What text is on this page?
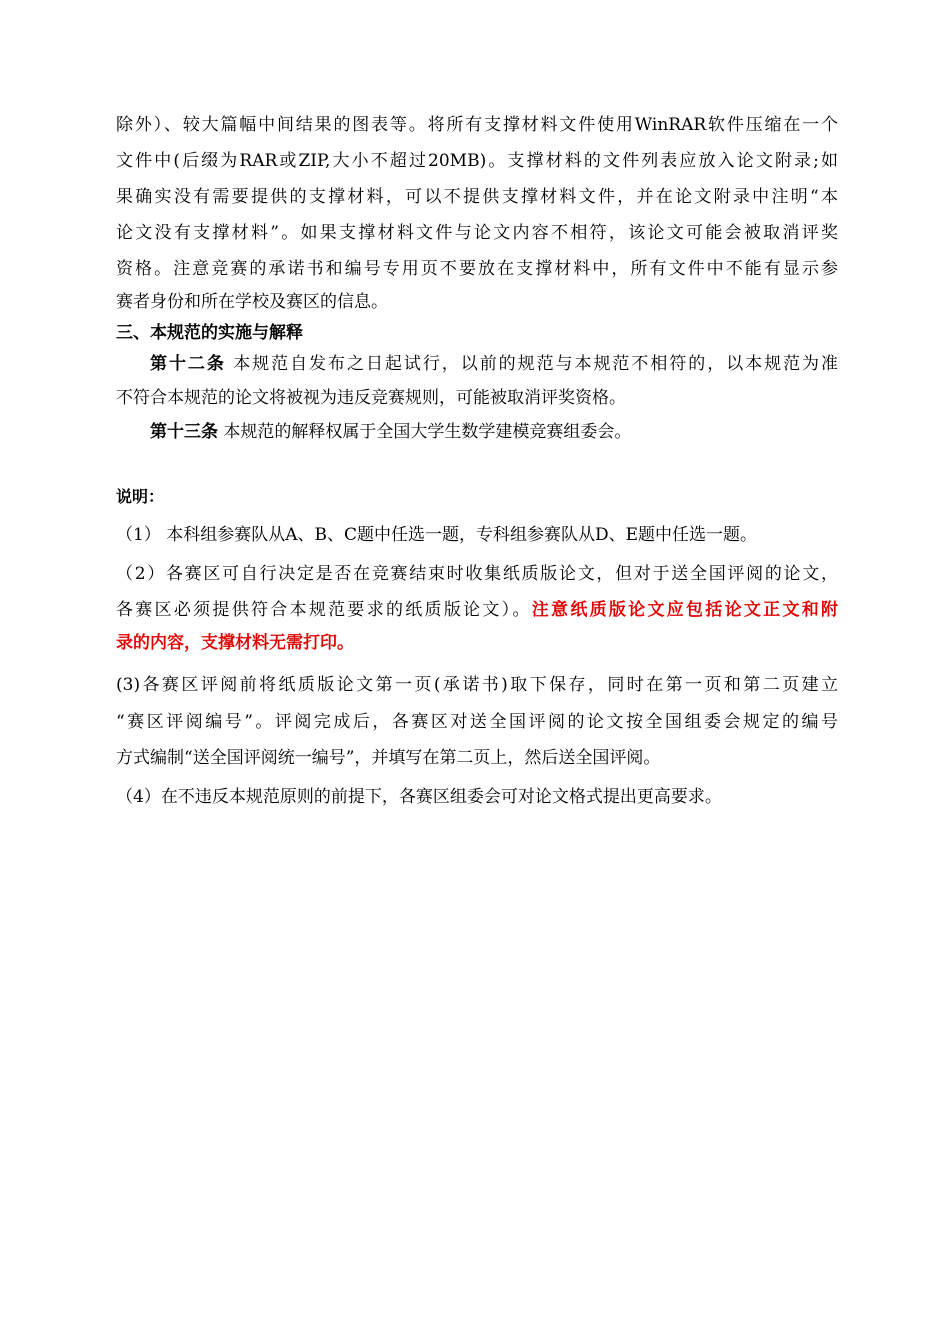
除外）、较大篇幅中间结果的图表等。将所有支撑材料文件使用WinRAR软件压缩在一个
文件中(后缀为RAR或ZIP,大小不超过20MB)。支撑材料的文件列表应放入论文附录;如
果确实没有需要提供的支撑材料，可以不提供支撑材料文件，并在论文附录中注明“本
论文没有支撑材料”。如果支撑材料文件与论文内容不相符，该论文可能会被取消评奖
资格。注意竞赛的承诺书和编号专用页不要放在支撑材料中，所有文件中不能有显示参
赛者身份和所在学校及赛区的信息。
三、本规范的实施与解释
第十二条 本规范自发布之日起试行，以前的规范与本规范不相符的，以本规范为准
不符合本规范的论文将被视为违反竞赛规则，可能被取消评奖资格。
第十三条 本规范的解释权属于全国大学生数学建模竞赛组委会。
说明：
（1） 本科组参赛队从A、B、C题中任选一题，专科组参赛队从D、E题中任选一题。
（2）各赛区可自行决定是否在竞赛结束时收集纸质版论文，但对于送全国评阅的论文，
各赛区必须提供符合本规范要求的纸质版论文）。注意纸质版论文应包括论文正文和附
录的内容，支撑材料无需打印。
(3)各赛区评阅前将纸质版论文第一页(承诺书)取下保存，同时在第一页和第二页建立
“赛区评阅编号”。评阅完成后，各赛区对送全国评阅的论文按全国组委会规定的编号
方式编制“送全国评阅统一编号”，并填写在第二页上，然后送全国评阅。
（4）在不违反本规范原则的前提下，各赛区组委会可对论文格式提出更高要求。
